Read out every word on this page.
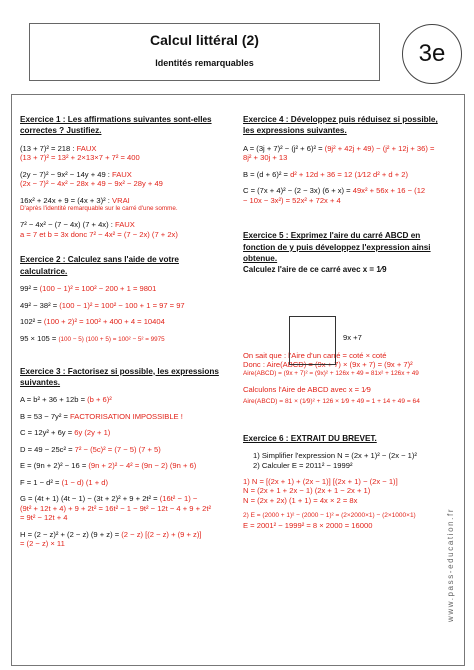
Calcul littéral (2)
Identités remarquables	3e
Exercice 1 : Les affirmations suivantes sont-elles
correctes ? Justifiez.
(13 + 7)² = 218 : FAUX
(13 + 7)² = 13² + 2×13×7 + 7² = 400
(2y − 7)² − 9x² − 14y + 49 : FAUX
(2x − 7)² − 4x² − 28x + 49 − 9x² − 28y + 49
16x² + 24x + 9 = (4x + 3)² : VRAI
D'après l'identité remarquable sur le carré d'une somme.
7² − 4x² − (7 − 4x) (7 + 4x) : FAUX
a = 7 et b = 3x donc 7² − 4x² = (7 − 2x) (7 + 2x)
Exercice 2 : Calculez sans l'aide de votre
calculatrice.
99² = (100 − 1)² = 100² − 200 + 1 = 9801
49² − 38² = (100 − 1)² = 100² − 100 + 1 = 97 = 97
102² = (100 + 2)² = 100² + 400 + 4 = 10404
95 × 105 = (100 − 5) (100 + 5) = 100² − 5² = 9975
Exercice 3 : Factorisez si possible, les expressions
suivantes.
A = b² + 36 + 12b = (b + 6)²
B = 53 − 7y² = FACTORISATION IMPOSSIBLE !
C = 12y² + 6y = 6y (2y + 1)
D = 49 − 25c² = 7² − (5c)² = (7 − 5) (7 + 5)
E = (9n + 2)² − 16 = (9n + 2)² − 4² = (9n − 2) (9n + 6)
F = 1 − d² = (1 − d) (1 + d)
G = (4t + 1) (4t − 1) − (3t + 2)² + 9 + 2t² = (16t² − 1) −
(9t² + 12t + 4) + 9 + 2t² = 16t² − 1 − 9t² − 12t − 4 + 9 + 2t²
= 9t² − 12t + 4
H = (2 − z)² + (2 − z) (9 + z) = (2 − z) [(2 − z) + (9 + z)]
= (2 − z) × 11
Exercice 4 : Développez puis réduisez si possible,
les expressions suivantes.
A = (3j + 7)² − (j² + 6)² = (9j² + 42j + 49) − (j² + 12j + 36) =
8j² + 30j + 13
B = (d + 6)² = d² + 12d + 36 = 12 (1⁄12 d² + d + 2)
C = (7x + 4)² − (2 − 3x) (6 + x) = 49x² + 56x + 16 − (12
− 10x − 3x²) = 52x² + 72x + 4
Exercice 5 : Exprimez l'aire du carré ABCD en
fonction de y puis développez l'expression ainsi
obtenue.
Calculez l'aire de ce carré avec x = 1⁄9
On sait que : l'Aire d'un carré = coté × coté
Donc : Aire(ABCD) = (9x + 7) × (9x + 7) = (9x + 7)²
Aire(ABCD) = (9x + 7)² = (9x)² + 126x + 49 = 81x² + 126x + 49
Calculons l'Aire de ABCD avec x = 1⁄9
Aire(ABCD) = 81 × (1⁄9)² + 126 × 1⁄9 + 49 = 1 + 14 + 49 = 64
Exercice 6 : EXTRAIT DU BREVET.
1) Simplifier l'expression N = (2x + 1)² − (2x − 1)²
2) Calculer E = 2011² − 1999²
1) N = [(2x + 1) + (2x − 1)] [(2x + 1) − (2x − 1)]
N = (2x + 1 + 2x − 1) (2x + 1 − 2x + 1)
N = (2x + 2x) (1 + 1) = 4x × 2 = 8x
2) E = (2000 + 1)² − (2000 − 1)² = (2×2000×1) − (2×1000×1)
E = 2001² − 1999² = 8 × 2000 = 16000
9x +7
www.pass-education.fr
